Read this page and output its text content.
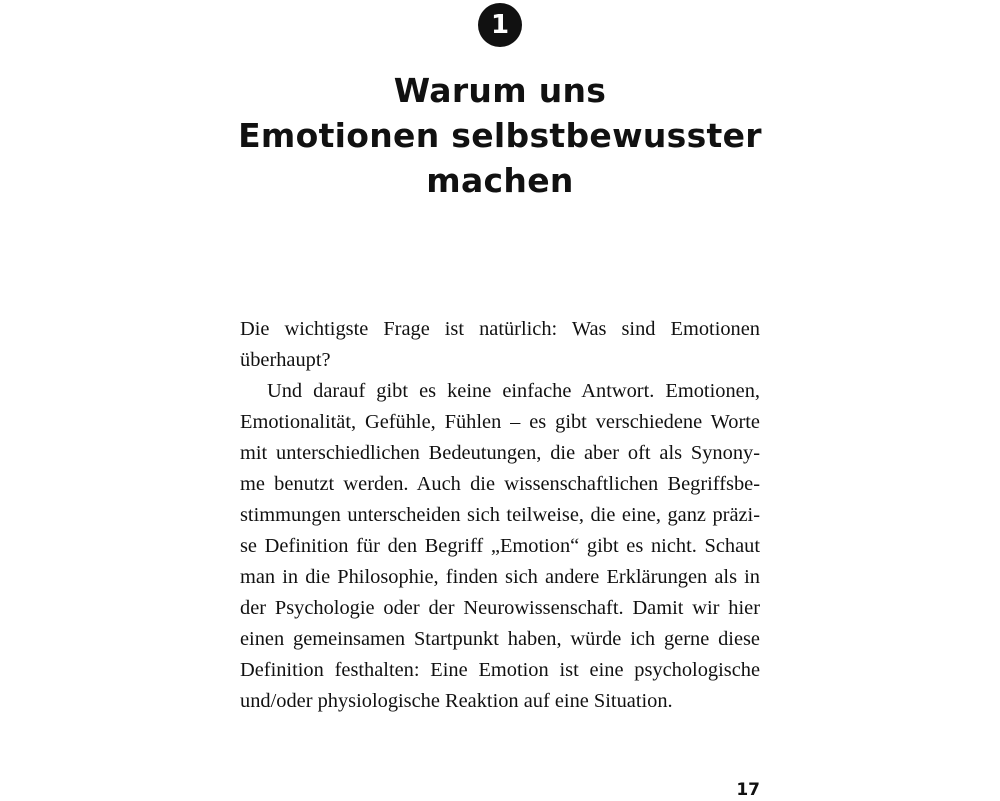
1
Warum uns
Emotionen selbstbewusster
machen
Die wichtigste Frage ist natürlich: Was sind Emotionen
überhaupt?
Und darauf gibt es keine einfache Antwort. Emotionen,
Emotionalität, Gefühle, Fühlen – es gibt verschiedene Worte
mit unterschiedlichen Bedeutungen, die aber oft als Synony-
me benutzt werden. Auch die wissenschaftlichen Begriffsbe-
stimmungen unterscheiden sich teilweise, die eine, ganz präzi-
se Definition für den Begriff „Emotion“ gibt es nicht. Schaut
man in die Philosophie, finden sich andere Erklärungen als in
der Psychologie oder der Neurowissenschaft. Damit wir hier
einen gemeinsamen Startpunkt haben, würde ich gerne diese
Definition festhalten: Eine Emotion ist eine psychologische
und/oder physiologische Reaktion auf eine Situation.
17
